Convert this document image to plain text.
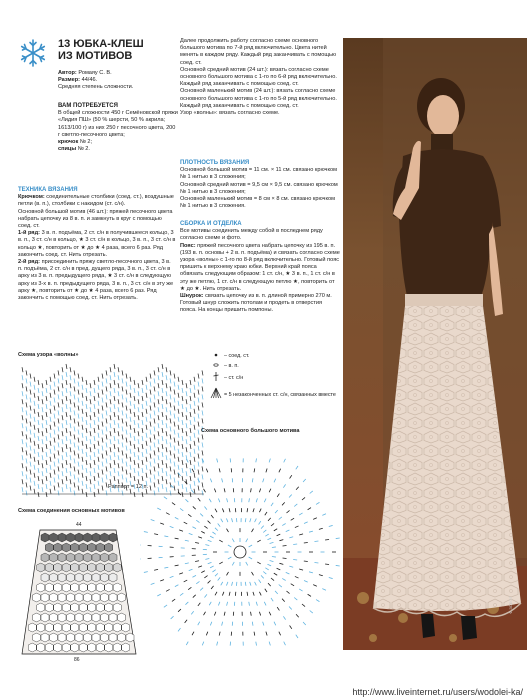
13 ЮБКА-КЛЕШ
ИЗ МОТИВОВ

Автор: Ромаяу С. В.

Размер: 44/46.

Средняя степень сложности.

ВАМ ПОТРЕБУЕТСЯ

В общей сложности 450 г Семёновской пряжи «Лидия ПШ» (50 % шерсти, 50 % акрила; 1613/100 г) из них 250 г песочного цвета, 200 г светло-песочного цвета;

крючок № 2;

спицы № 2.

ТЕХНИКА ВЯЗАНИЯ

Крючком: соединительные столбики (соед. ст.), воздушные петли (в. п.), столбики с накидом (ст. с/н).

Основной большой мотив (46 шт.): пряжей песочного цвета набрать цепочку из 8 в. п. и замкнуть в круг с помощью соед. ст.

1-й ряд: 3 в. п. подъёма, 2 ст. с/н в получившееся кольцо, 3 в. п., 3 ст. с/н в кольцо, ★ 3 ст. с/н в кольцо, 3 в. п., 3 ст. с/н в кольцо ★, повторить от ★ до ★ 4 раза, всего 6 раз. Ряд закончить соед. ст. Нить отрезать.

2-й ряд: присоединить пряжу светло-песочного цвета, 3 в. п. подъёма, 2 ст. с/н в пред. дущего ряда, 3 в. п., 3 ст. с/н в арку из 3 в. п. предыдущего ряда, ★ 3 ст. с/н в следующую арку из 3-х в. п. предыдущего ряда, 3 в. п., 3 ст. с/н в эту же арку ★, повторить от ★ до ★ 4 раза, всего 6 раз. Ряд закончить с помощью соед. ст. Нить отрезать.

Далее продолжить работу согласно схеме основного большого мотива по 7-й ряд включительно. Цвета нитей менять в каждом ряду. Каждый ряд заканчивать с помощью соед. ст.

Основной средний мотив (24 шт.): вязать согласно схеме основного большого мотива с 1-го по 6-й ряд включительно. Каждый ряд заканчивать с помощью соед. ст.

Основной маленький мотив (24 шт.): вязать согласно схеме основного большого мотива с 1-го по 5-й ряд включительно. Каждый ряд заканчивать с помощью соед. ст.

Узор «волны»: вязать согласно схеме.

ПЛОТНОСТЬ ВЯЗАНИЯ

Основной большой мотив = 11 см. × 11 см. связано крючком № 1 нитью в 3 сложения;

Основной средний мотив = 9,5 см × 9,5 см. связано крючком № 1 нитью в 3 сложения;

Основной маленький мотив = 8 см × 8 см. связано крючком № 1 нитью в 3 сложения.

СБОРКА И ОТДЕЛКА

Все мотивы соединить между собой в последнем ряду согласно схеме и фото.

Пояс: пряжей песочного цвета набрать цепочку из 195 в. п. (193 в. п. основы + 2 в. п. подъёма) и связать согласно схеме узора «волны» с 1-го по 8-й ряд включительно. Готовый пояс пришить к верхнему краю юбки. Верхний край пояса обвязать следующим образом: 1 ст. с/н, ★ 3 в. п., 1 ст. с/н в эту же петлю, 1 ст. с/н в следующую петлю ★, повторить от ★ до ★. Нить отрезать.

Шнурок: связать цепочку из в. п. длиной примерно 270 м. Готовый шнур сложить потолам и продеть в отверстия пояса. На концы пришить помпоны.

– соед. ст.
– в. п.
– ст. с/н
= 5 незаконченных ст. с/н, связанных вместе
Схема узора «волны»
Раппорт = 12 п.
Схема основного большого мотива
Схема соединения основных мотивов
44
86
Ф ЗОЛОТ
http://www.liveinternet.ru/users/wodolei-ka/
